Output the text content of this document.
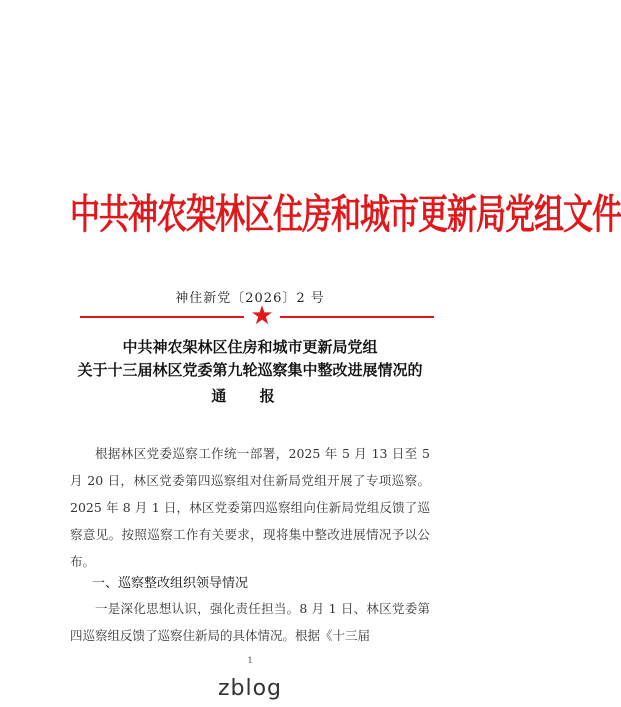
中共神农架林区住房和城市更新局党组文件
神住新党〔2026〕2 号
★
中共神农架林区住房和城市更新局党组
关于十三届林区党委第九轮巡察集中整改进展情况的
通 报
根据林区党委巡察工作统一部署，2025 年 5 月 13 日至 5 月 20 日，林区党委第四巡察组对住新局党组开展了专项巡察。2025 年 8 月 1 日，林区党委第四巡察组向住新局党组反馈了巡察意见。按照巡察工作有关要求，现将集中整改进展情况予以公布。
一、巡察整改组织领导情况
一是深化思想认识，强化责任担当。8 月 1 日、林区党委第四巡察组反馈了巡察住新局的具体情况。根据《十三届
1
zblog
